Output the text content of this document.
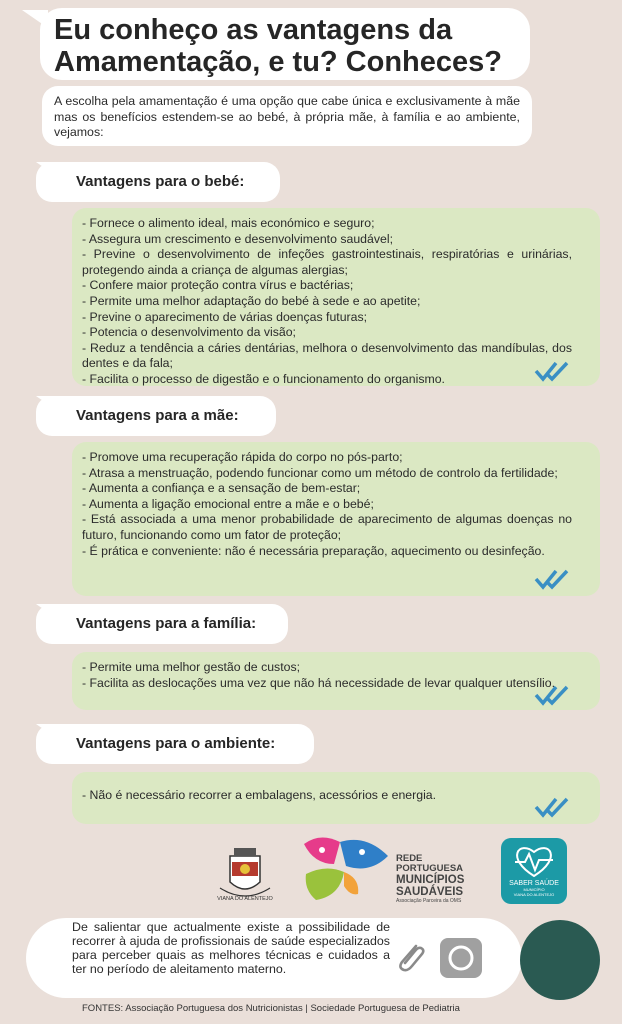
Eu conheço as vantagens da
Amamentação, e tu? Conheces?
A escolha pela amamentação é uma opção que cabe única e exclusivamente à mãe mas os benefícios estendem-se ao bebé, à própria mãe, à família e ao ambiente, vejamos:
Vantagens para o bebé:
- Fornece o alimento ideal, mais económico e seguro;
- Assegura um crescimento e desenvolvimento saudável;
- Previne o desenvolvimento de infeções gastrointestinais, respiratórias e urinárias, protegendo ainda a criança de algumas alergias;
- Confere maior proteção contra vírus e bactérias;
- Permite uma melhor adaptação do bebé à sede e ao apetite;
- Previne o aparecimento de várias doenças futuras;
- Potencia o desenvolvimento da visão;
- Reduz a tendência a cáries dentárias, melhora o desenvolvimento das mandíbulas, dos dentes e da fala;
- Facilita o processo de digestão e o funcionamento do organismo.
Vantagens para a mãe:
- Promove uma recuperação rápida do corpo no pós-parto;
- Atrasa a menstruação, podendo funcionar como um método de controlo da fertilidade;
- Aumenta a confiança e a sensação de bem-estar;
- Aumenta a ligação emocional entre a mãe e o bebé;
- Está associada a uma menor probabilidade de aparecimento de algumas doenças no futuro, funcionando como um fator de proteção;
- É prática e conveniente: não é necessária preparação, aquecimento ou desinfeção.
Vantagens para a família:
- Permite uma melhor gestão de custos;
- Facilita as deslocações uma vez que não há necessidade de levar qualquer utensílio.
Vantagens para o ambiente:
- Não é necessário recorrer a embalagens, acessórios e energia.
VIANA DO ALENTEJO
REDE
PORTUGUESA
MUNICÍPIOS
SAUDÁVEIS
Associação Parceira da OMS
SABER SAÚDE
MUNICÍPIO
VIANA DO ALENTEJO
De salientar que actualmente existe a possibilidade de recorrer à ajuda de profissionais de saúde especializados para perceber quais as melhores técnicas e cuidados a ter no período de aleitamento materno.
FONTES: Associação Portuguesa dos Nutricionistas | Sociedade Portuguesa de Pediatria
